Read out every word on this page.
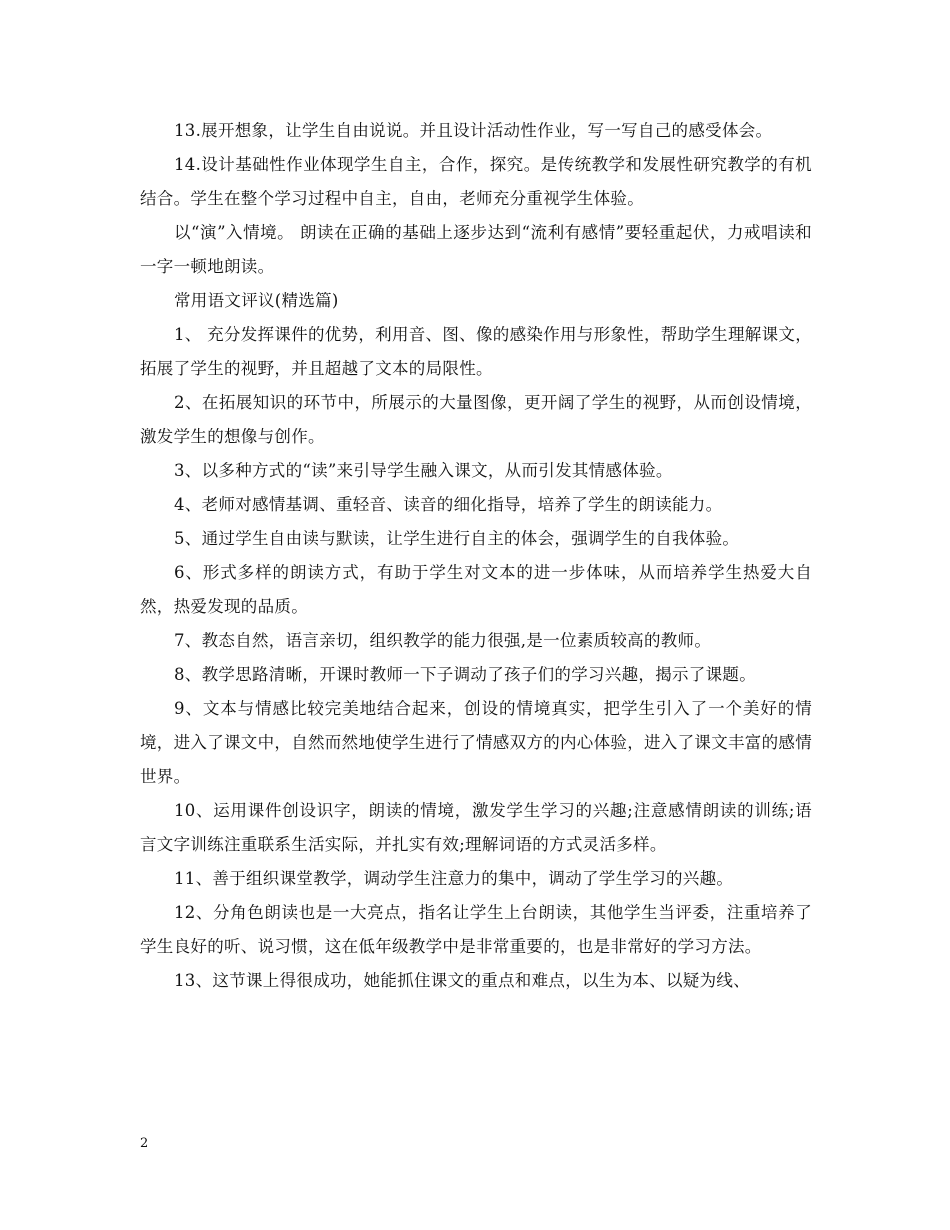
13.展开想象，让学生自由说说。并且设计活动性作业，写一写自己的感受体会。

14.设计基础性作业体现学生自主，合作，探究。是传统教学和发展性研究教学的有机结合。学生在整个学习过程中自主，自由，老师充分重视学生体验。

以“演”入情境。 朗读在正确的基础上逐步达到“流利有感情”要轻重起伏，力戒唱读和一字一顿地朗读。

常用语文评议(精选篇)

1、 充分发挥课件的优势，利用音、图、像的感染作用与形象性，帮助学生理解课文，拓展了学生的视野，并且超越了文本的局限性。

2、在拓展知识的环节中，所展示的大量图像，更开阔了学生的视野，从而创设情境，激发学生的想像与创作。

3、以多种方式的“读”来引导学生融入课文，从而引发其情感体验。

4、老师对感情基调、重轻音、读音的细化指导，培养了学生的朗读能力。

5、通过学生自由读与默读，让学生进行自主的体会，强调学生的自我体验。

6、形式多样的朗读方式，有助于学生对文本的进一步体味，从而培养学生热爱大自然，热爱发现的品质。

7、教态自然，语言亲切，组织教学的能力很强,是一位素质较高的教师。

8、教学思路清晰，开课时教师一下子调动了孩子们的学习兴趣，揭示了课题。

9、文本与情感比较完美地结合起来，创设的情境真实，把学生引入了一个美好的情境，进入了课文中，自然而然地使学生进行了情感双方的内心体验，进入了课文丰富的感情世界。

10、运用课件创设识字，朗读的情境，激发学生学习的兴趣;注意感情朗读的训练;语言文字训练注重联系生活实际，并扎实有效;理解词语的方式灵活多样。

11、善于组织课堂教学，调动学生注意力的集中，调动了学生学习的兴趣。

12、分角色朗读也是一大亮点，指名让学生上台朗读，其他学生当评委，注重培养了学生良好的听、说习惯，这在低年级教学中是非常重要的，也是非常好的学习方法。

13、这节课上得很成功，她能抓住课文的重点和难点，以生为本、以疑为线、

2
